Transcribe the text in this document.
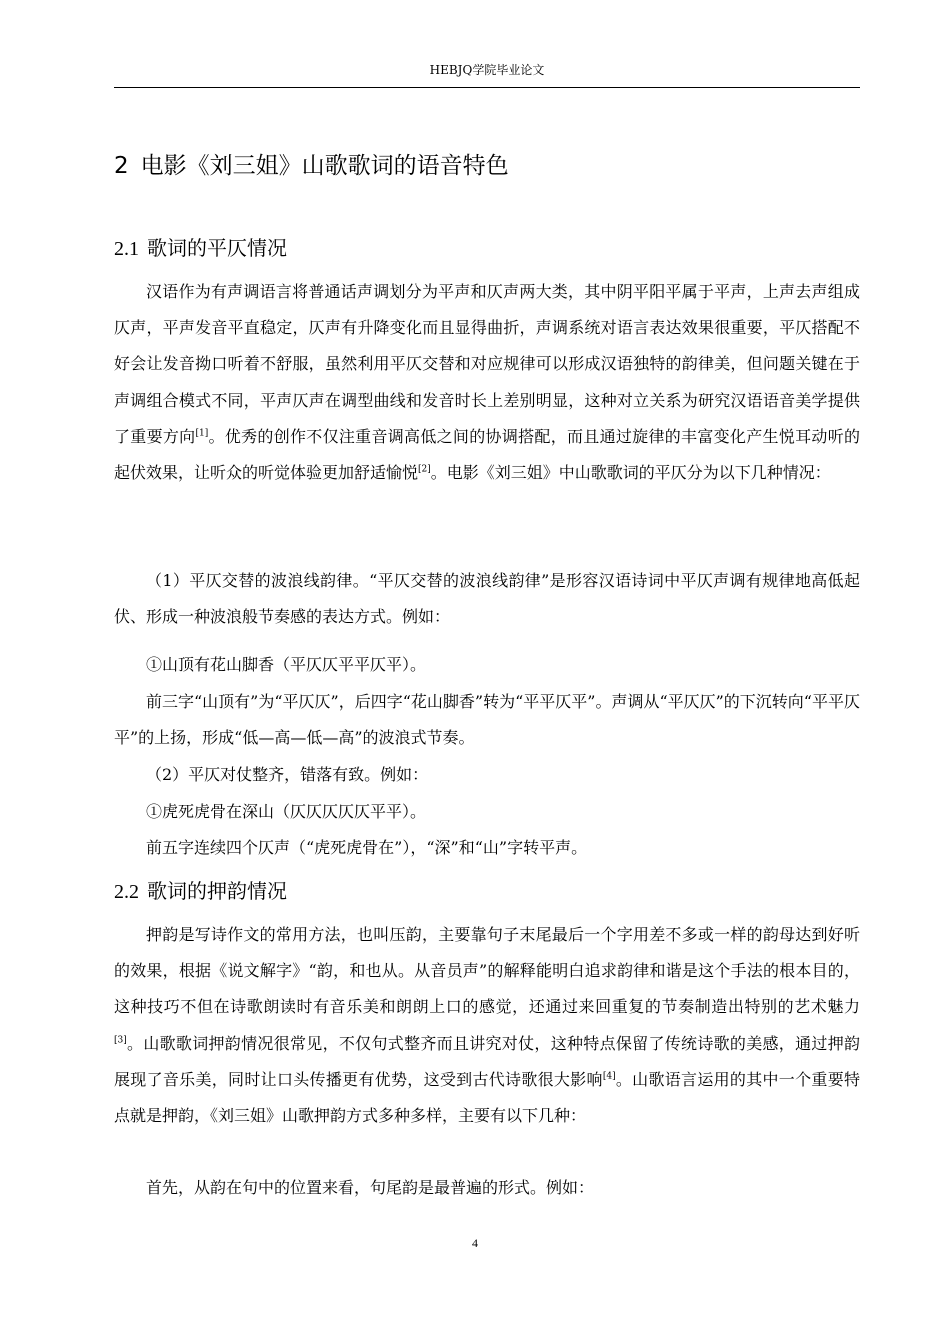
HEBJQ学院毕业论文
2 电影《刘三姐》山歌歌词的语音特色
2.1 歌词的平仄情况

汉语作为有声调语言将普通话声调划分为平声和仄声两大类，其中阴平阳平属于平声，上声去声组成仄声，平声发音平直稳定，仄声有升降变化而且显得曲折，声调系统对语言表达效果很重要，平仄搭配不好会让发音拗口听着不舒服，虽然利用平仄交替和对应规律可以形成汉语独特的韵律美，但问题关键在于声调组合模式不同，平声仄声在调型曲线和发音时长上差别明显，这种对立关系为研究汉语语音美学提供了重要方向[1]。优秀的创作不仅注重音调高低之间的协调搭配，而且通过旋律的丰富变化产生悦耳动听的起伏效果，让听众的听觉体验更加舒适愉悦[2]。电影《刘三姐》中山歌歌词的平仄分为以下几种情况：

（1）平仄交替的波浪线韵律。“平仄交替的波浪线韵律”是形容汉语诗词中平仄声调有规律地高低起伏、形成一种波浪般节奏感的表达方式。例如：

①山顶有花山脚香（平仄仄平平仄平）。

前三字“山顶有”为“平仄仄”，后四字“花山脚香”转为“平平仄平”。声调从“平仄仄”的下沉转向“平平仄平”的上扬，形成“低—高—低—高”的波浪式节奏。

（2）平仄对仗整齐，错落有致。例如：

①虎死虎骨在深山（仄仄仄仄仄平平）。

前五字连续四个仄声（“虎死虎骨在”），“深”和“山”字转平声。

2.2 歌词的押韵情况

押韵是写诗作文的常用方法，也叫压韵，主要靠句子末尾最后一个字用差不多或一样的韵母达到好听的效果，根据《说文解字》“韵，和也从。从音员声”的解释能明白追求韵律和谐是这个手法的根本目的，这种技巧不但在诗歌朗读时有音乐美和朗朗上口的感觉，还通过来回重复的节奏制造出特别的艺术魅力[3]。山歌歌词押韵情况很常见，不仅句式整齐而且讲究对仗，这种特点保留了传统诗歌的美感，通过押韵展现了音乐美，同时让口头传播更有优势，这受到古代诗歌很大影响[4]。山歌语言运用的其中一个重要特点就是押韵，《刘三姐》山歌押韵方式多种多样，主要有以下几种：

首先，从韵在句中的位置来看，句尾韵是最普遍的形式。例如：

4
